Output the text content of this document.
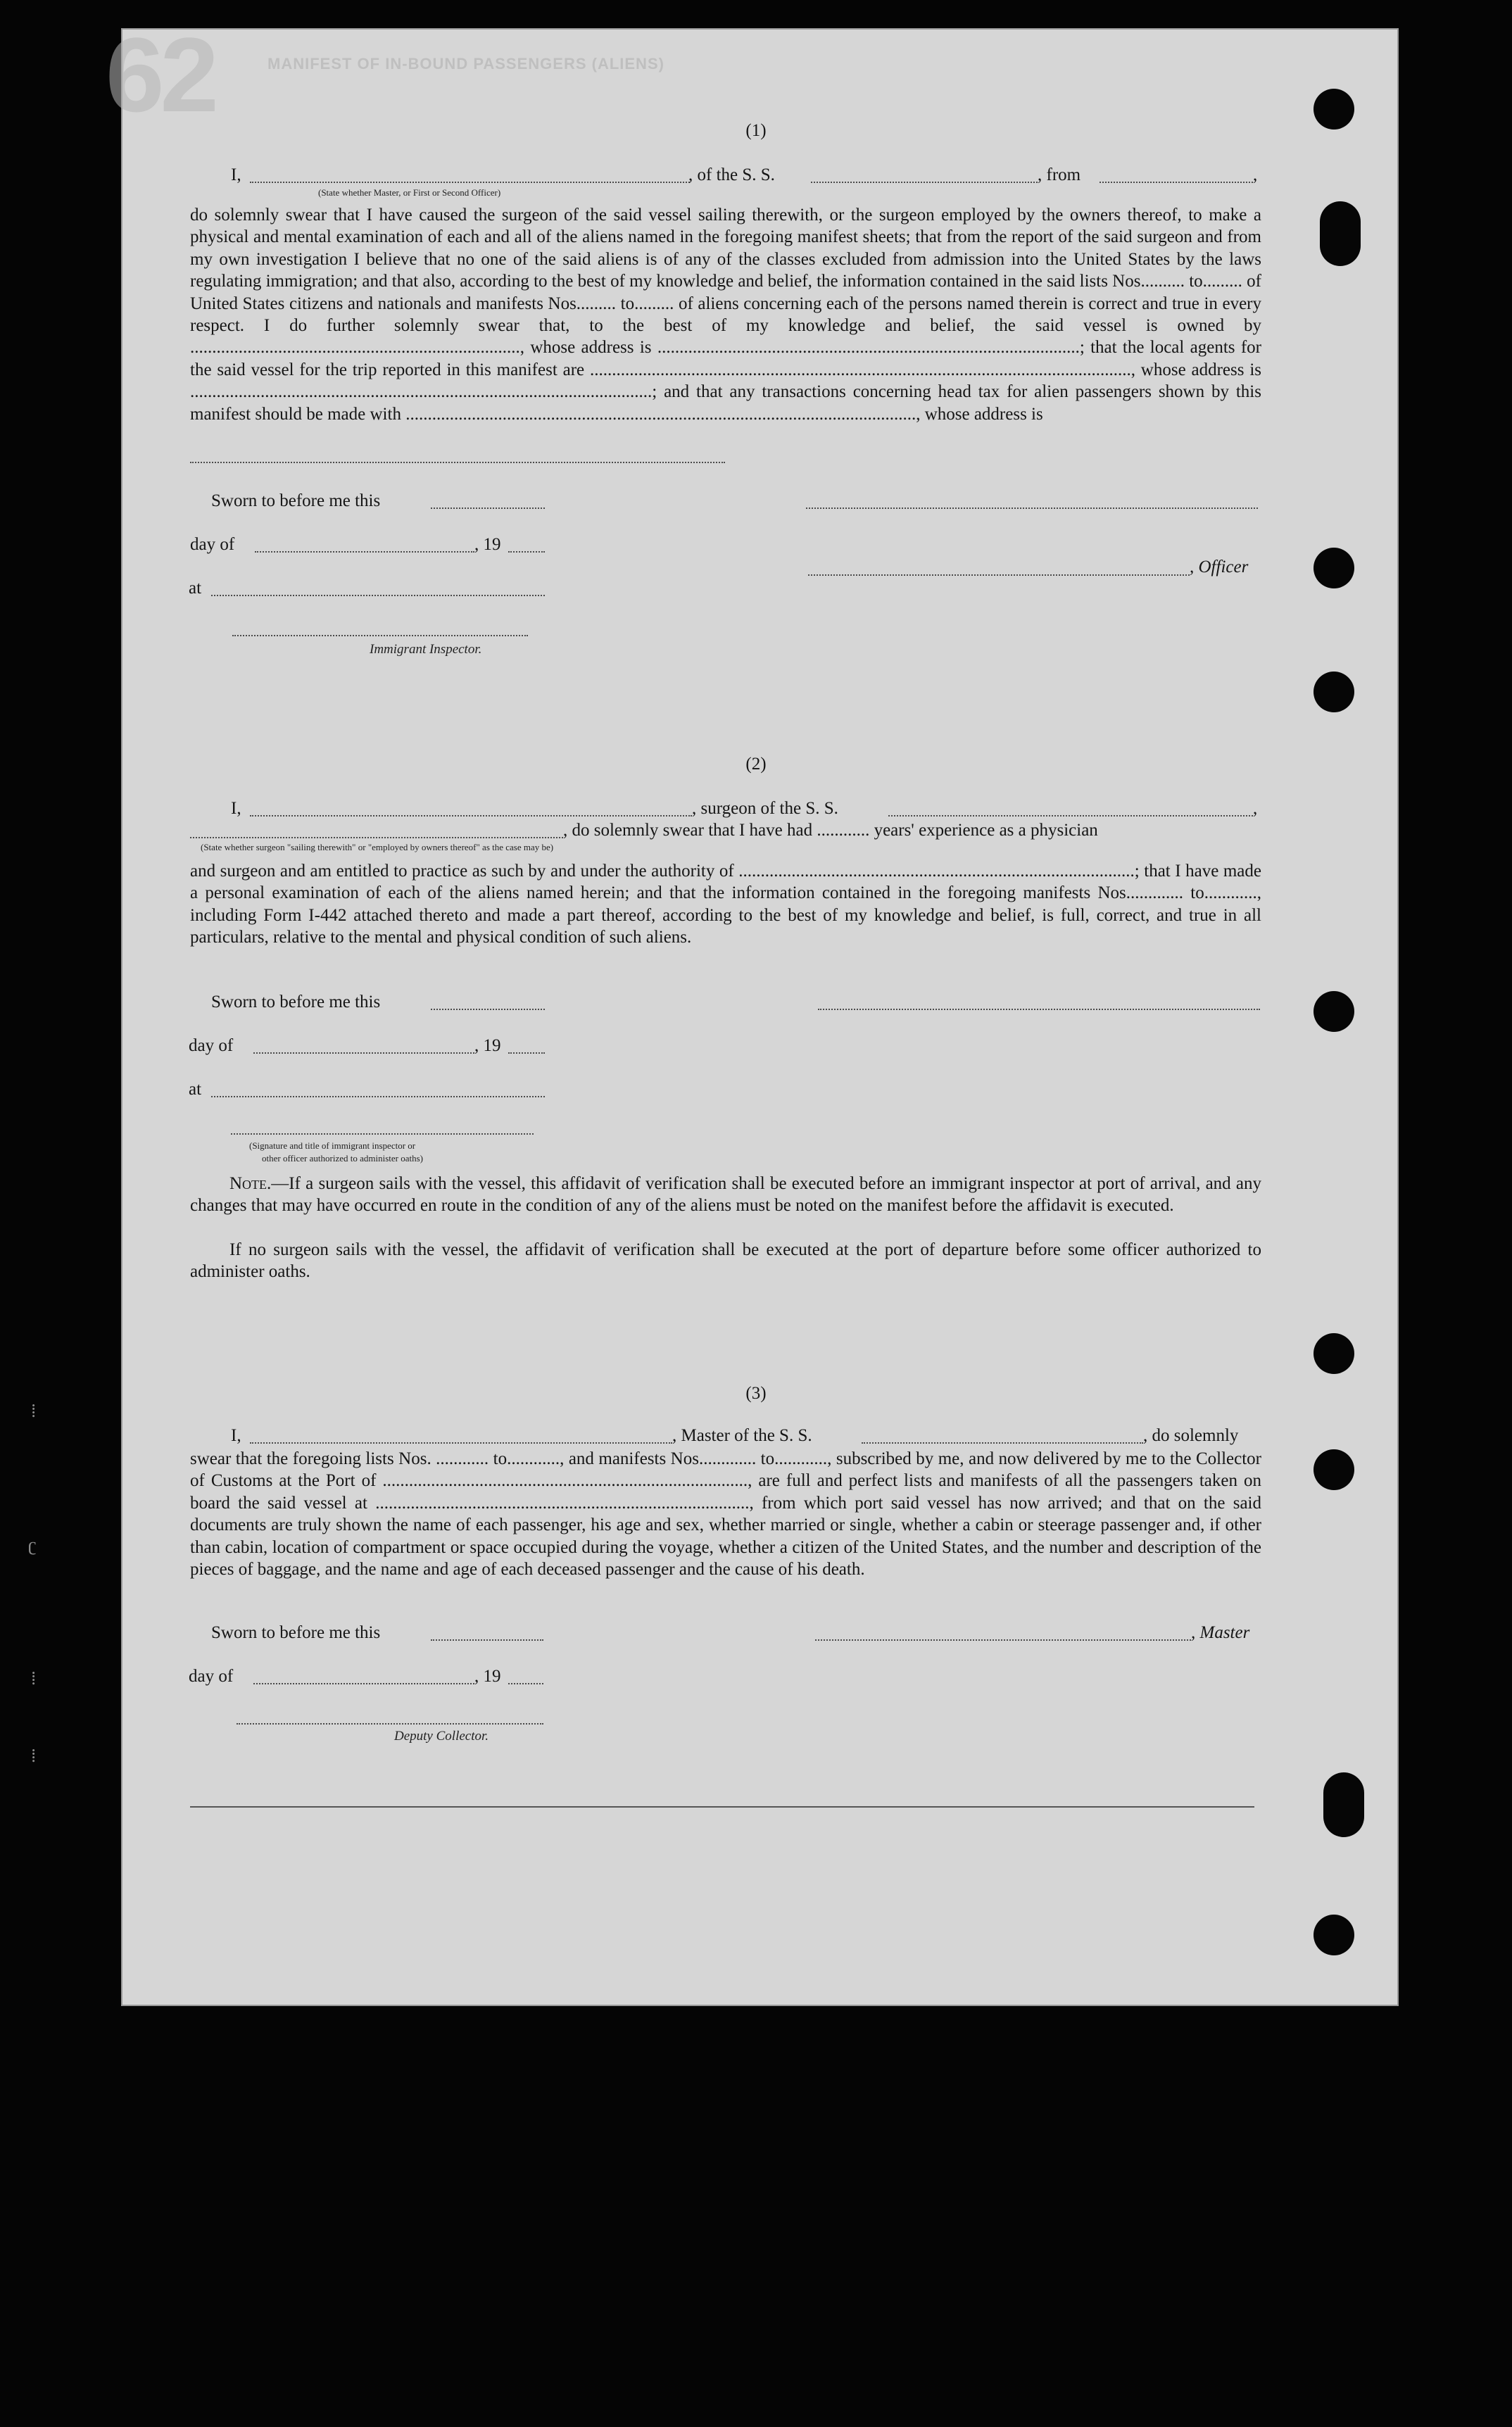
62	MANIFEST OF IN-BOUND PASSENGERS (ALIENS)
⁞
ʗ
⁞
⁞
(1)
I,	, of the S. S.	, from	,
(State whether Master, or First or Second Officer)
do solemnly swear that I have caused the surgeon of the said vessel sailing therewith, or the surgeon employed by the owners thereof, to make a physical and mental examination of each and all of the aliens named in the foregoing manifest sheets; that from the report of the said surgeon and from my own investigation I believe that no one of the said aliens is of any of the classes excluded from admission into the United States by the laws regulating immigration; and that also, according to the best of my knowledge and belief, the information contained in the said lists Nos.......... to......... of United States citizens and nationals and manifests Nos......... to......... of aliens concerning each of the persons named therein is correct and true in every respect. I do further solemnly swear that, to the best of my knowledge and belief, the said vessel is owned by ..........................................................................., whose address is ................................................................................................; that the local agents for the said vessel for the trip reported in this manifest are ..........................................................................................................................., whose address is .........................................................................................................; and that any transactions concerning head tax for alien passengers shown by this manifest should be made with ...................................................................................................................., whose address is
Sworn to before me this
day of	, 19
, Officer
at
Immigrant Inspector.
(2)
I,	, surgeon of the S. S.	,
, do solemnly swear that I have had ............ years' experience as a physician
(State whether surgeon "sailing therewith" or "employed by owners thereof" as the case may be)
and surgeon and am entitled to practice as such by and under the authority of ..........................................................................................; that I have made a personal examination of each of the aliens named herein; and that the information contained in the foregoing manifests Nos............. to............, including Form I-442 attached thereto and made a part thereof, according to the best of my knowledge and belief, is full, correct, and true in all particulars, relative to the mental and physical condition of such aliens.
Sworn to before me this
day of	, 19
at
(Signature and title of immigrant inspector or
other officer authorized to administer oaths)
Note.—If a surgeon sails with the vessel, this affidavit of verification shall be executed before an immigrant inspector at port of arrival, and any changes that may have occurred en route in the condition of any of the aliens must be noted on the manifest before the affidavit is executed.
If no surgeon sails with the vessel, the affidavit of verification shall be executed at the port of departure before some officer authorized to administer oaths.
(3)
I,	, Master of the S. S.	, do solemnly
swear that the foregoing lists Nos. ............ to............, and manifests Nos............. to............, subscribed by me, and now delivered by me to the Collector of Customs at the Port of ..................................................................................., are full and perfect lists and manifests of all the passengers taken on board the said vessel at ....................................................................................., from which port said vessel has now arrived; and that on the said documents are truly shown the name of each passenger, his age and sex, whether married or single, whether a cabin or steerage passenger and, if other than cabin, location of compartment or space occupied during the voyage, whether a citizen of the United States, and the number and description of the pieces of baggage, and the name and age of each deceased passenger and the cause of his death.
Sworn to before me this	, Master
day of	, 19
Deputy Collector.
